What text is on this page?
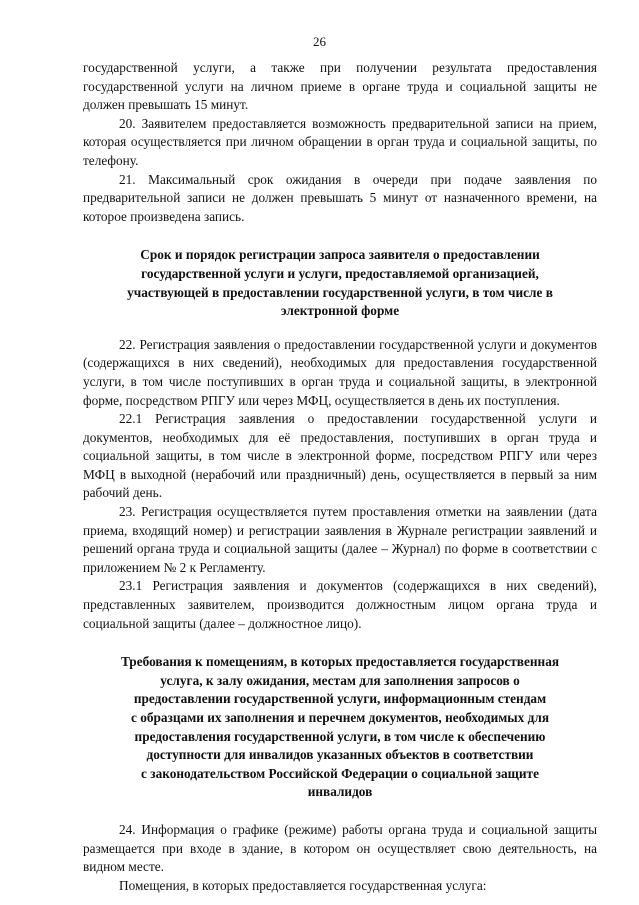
26

государственной услуги, а также при получении результата предоставления государственной услуги на личном приеме в органе труда и социальной защиты не должен превышать 15 минут.

20. Заявителем предоставляется возможность предварительной записи на прием, которая осуществляется при личном обращении в орган труда и социальной защиты, по телефону.

21. Максимальный срок ожидания в очереди при подаче заявления по предварительной записи не должен превышать 5 минут от назначенного времени, на которое произведена запись.

Срок и порядок регистрации запроса заявителя о предоставлении
государственной услуги и услуги, предоставляемой организацией,
участвующей в предоставлении государственной услуги, в том числе в
электронной форме

22. Регистрация заявления о предоставлении государственной услуги и документов (содержащихся в них сведений), необходимых для предоставления государственной услуги, в том числе поступивших в орган труда и социальной защиты, в электронной форме, посредством РПГУ или через МФЦ, осуществляется в день их поступления.

22.1 Регистрация заявления о предоставлении государственной услуги и документов, необходимых для её предоставления, поступивших в орган труда и социальной защиты, в том числе в электронной форме, посредством РПГУ или через МФЦ в выходной (нерабочий или праздничный) день, осуществляется в первый за ним рабочий день.

23. Регистрация осуществляется путем проставления отметки на заявлении (дата приема, входящий номер) и регистрации заявления в Журнале регистрации заявлений и решений органа труда и социальной защиты (далее – Журнал) по форме в соответствии с приложением № 2 к Регламенту.

23.1 Регистрация заявления и документов (содержащихся в них сведений), представленных заявителем, производится должностным лицом органа труда и социальной защиты (далее – должностное лицо).

Требования к помещениям, в которых предоставляется государственная
услуга, к залу ожидания, местам для заполнения запросов о
предоставлении государственной услуги, информационным стендам
с образцами их заполнения и перечнем документов, необходимых для
предоставления государственной услуги, в том числе к обеспечению
доступности для инвалидов указанных объектов в соответствии
с законодательством Российской Федерации о социальной защите
инвалидов

24. Информация о графике (режиме) работы органа труда и социальной защиты размещается при входе в здание, в котором он осуществляет свою деятельность, на видном месте.

Помещения, в которых предоставляется государственная услуга:
